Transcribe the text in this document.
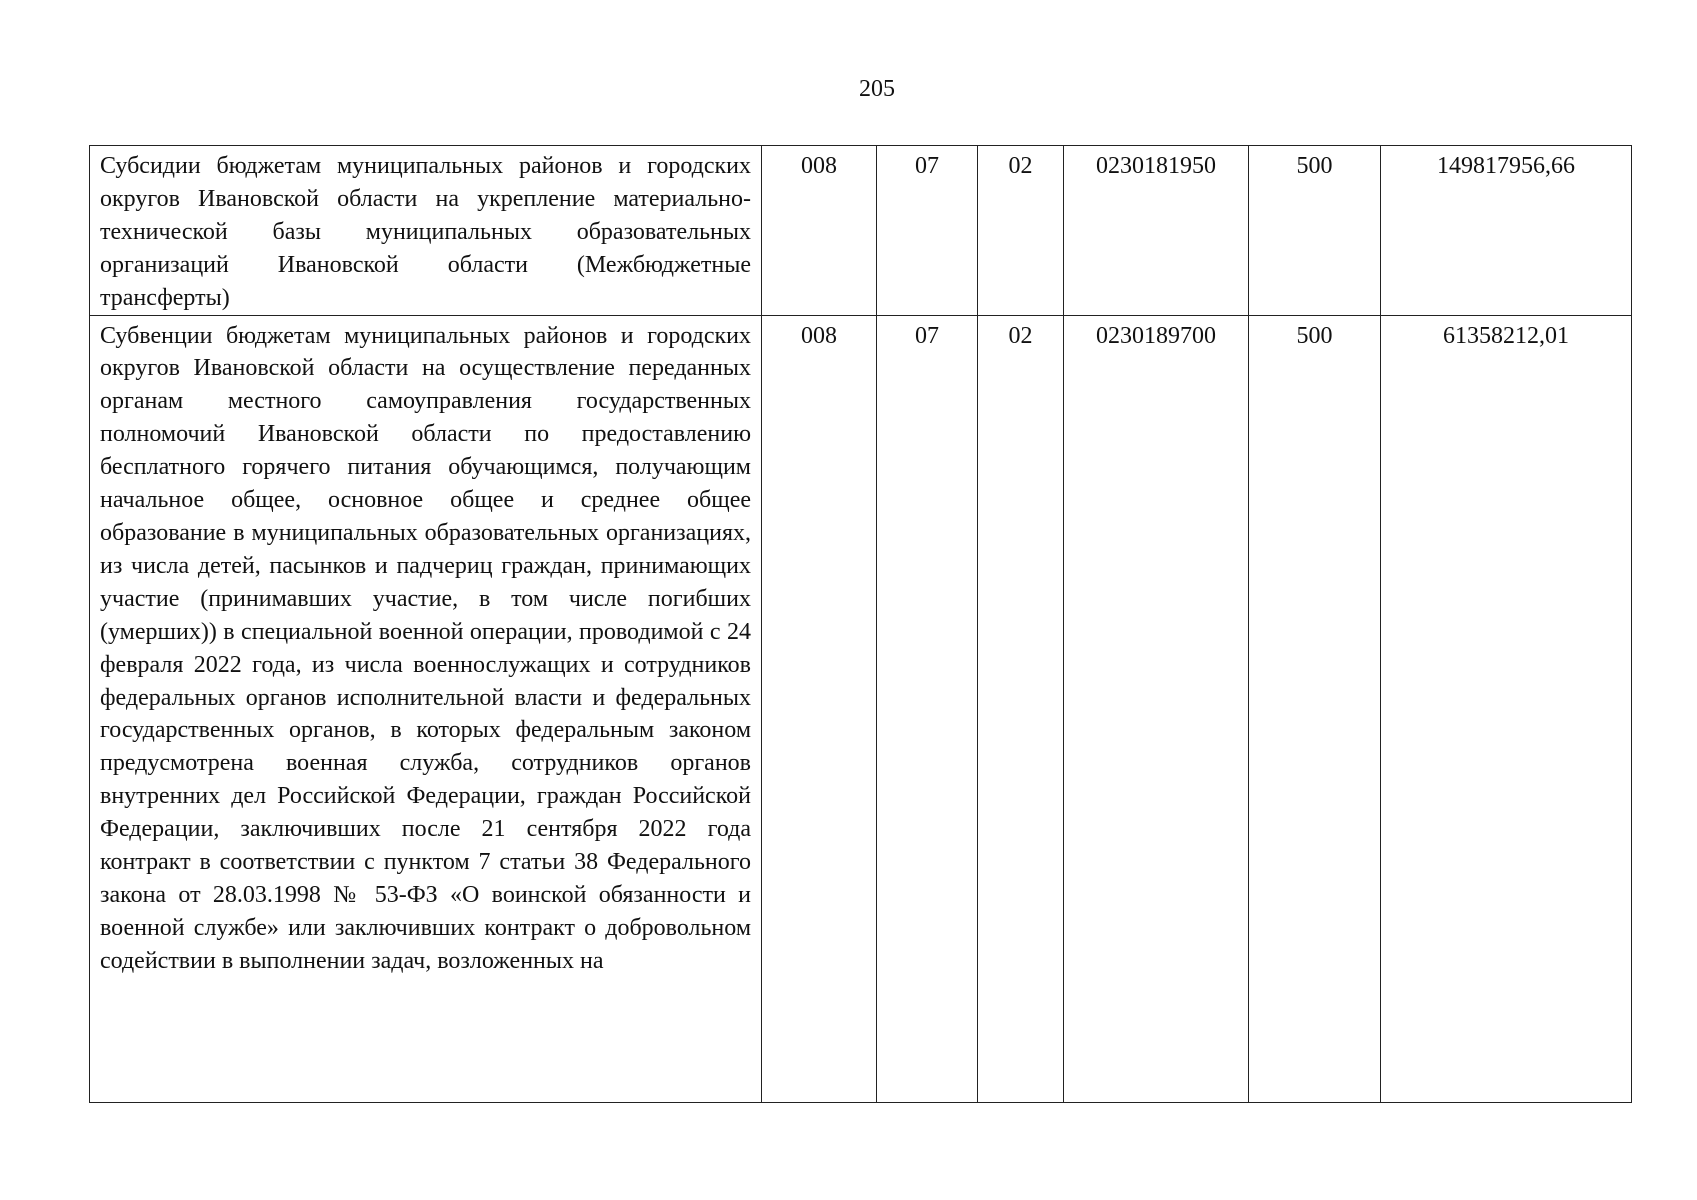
205
Субсидии бюджетам муниципальных районов и городских округов Ивановской области на укрепление материально-технической базы муниципальных образовательных организаций Ивановской области (Межбюджетные трансферты)	008	07	02	0230181950	500	149817956,66
Субвенции бюджетам муниципальных районов и городских округов Ивановской области на осуществление переданных органам местного самоуправления государственных полномочий Ивановской области по предоставлению бесплатного горячего питания обучающимся, получающим начальное общее, основное общее и среднее общее образование в муниципальных образовательных организациях, из числа детей, пасынков и падчериц граждан, принимающих участие (принимавших участие, в том числе погибших (умерших)) в специальной военной операции, проводимой с 24 февраля 2022 года, из числа военнослужащих и сотрудников федеральных органов исполнительной власти и федеральных государственных органов, в которых федеральным законом предусмотрена военная служба, сотрудников органов внутренних дел Российской Федерации, граждан Российской Федерации, заключивших после 21 сентября 2022 года контракт в соответствии с пунктом 7 статьи 38 Федерального закона от 28.03.1998 № 53-ФЗ «О воинской обязанности и военной службе» или заключивших контракт о добровольном содействии в выполнении задач, возложенных на	008	07	02	0230189700	500	61358212,01
